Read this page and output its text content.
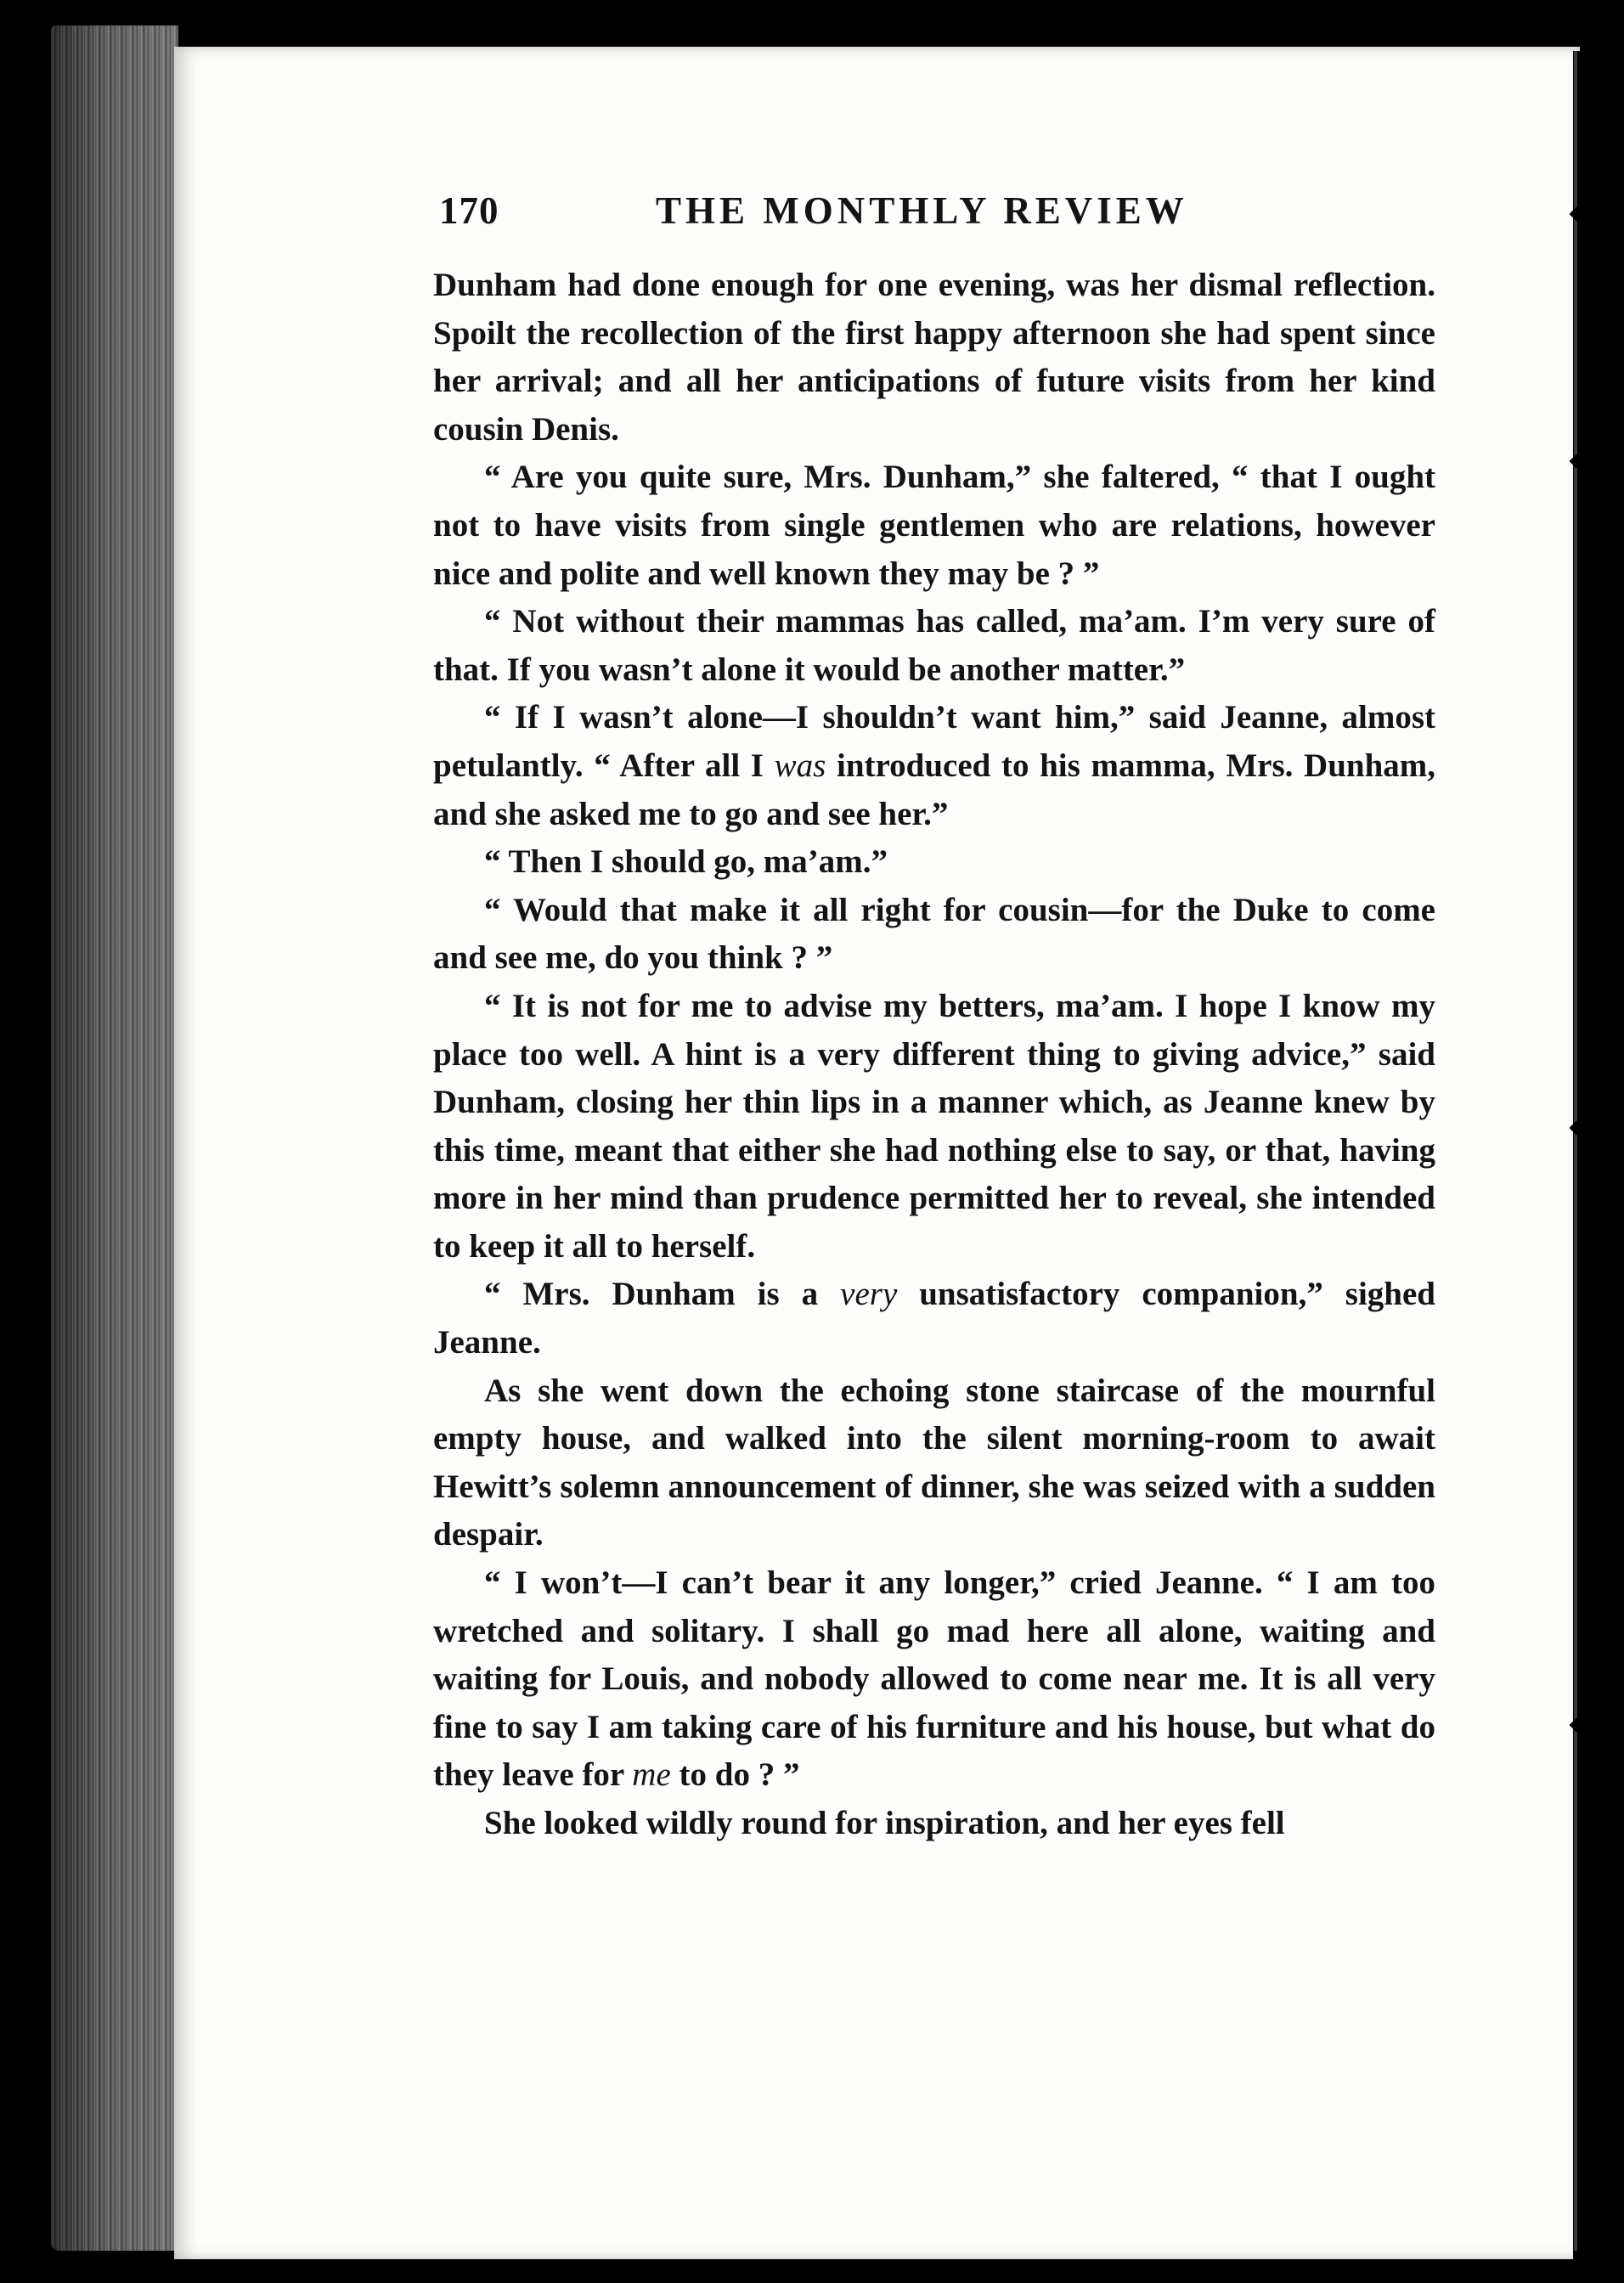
170	THE MONTHLY REVIEW

Dunham had done enough for one evening, was her dismal reflection. Spoilt the recollection of the first happy afternoon she had spent since her arrival; and all her anticipations of future visits from her kind cousin Denis.

“ Are you quite sure, Mrs. Dunham,” she faltered, “ that I ought not to have visits from single gentlemen who are relations, however nice and polite and well known they may be ? ”

“ Not without their mammas has called, ma’am. I’m very sure of that. If you wasn’t alone it would be another matter.”

“ If I wasn’t alone—I shouldn’t want him,” said Jeanne, almost petulantly. “ After all I was introduced to his mamma, Mrs. Dunham, and she asked me to go and see her.”

“ Then I should go, ma’am.”

“ Would that make it all right for cousin—for the Duke to come and see me, do you think ? ”

“ It is not for me to advise my betters, ma’am. I hope I know my place too well. A hint is a very different thing to giving advice,” said Dunham, closing her thin lips in a manner which, as Jeanne knew by this time, meant that either she had nothing else to say, or that, having more in her mind than prudence permitted her to reveal, she intended to keep it all to herself.

“ Mrs. Dunham is a very unsatisfactory companion,” sighed Jeanne.

As she went down the echoing stone staircase of the mournful empty house, and walked into the silent morning-room to await Hewitt’s solemn announcement of dinner, she was seized with a sudden despair.

“ I won’t—I can’t bear it any longer,” cried Jeanne. “ I am too wretched and solitary. I shall go mad here all alone, waiting and waiting for Louis, and nobody allowed to come near me. It is all very fine to say I am taking care of his furniture and his house, but what do they leave for me to do ? ”

She looked wildly round for inspiration, and her eyes fell
